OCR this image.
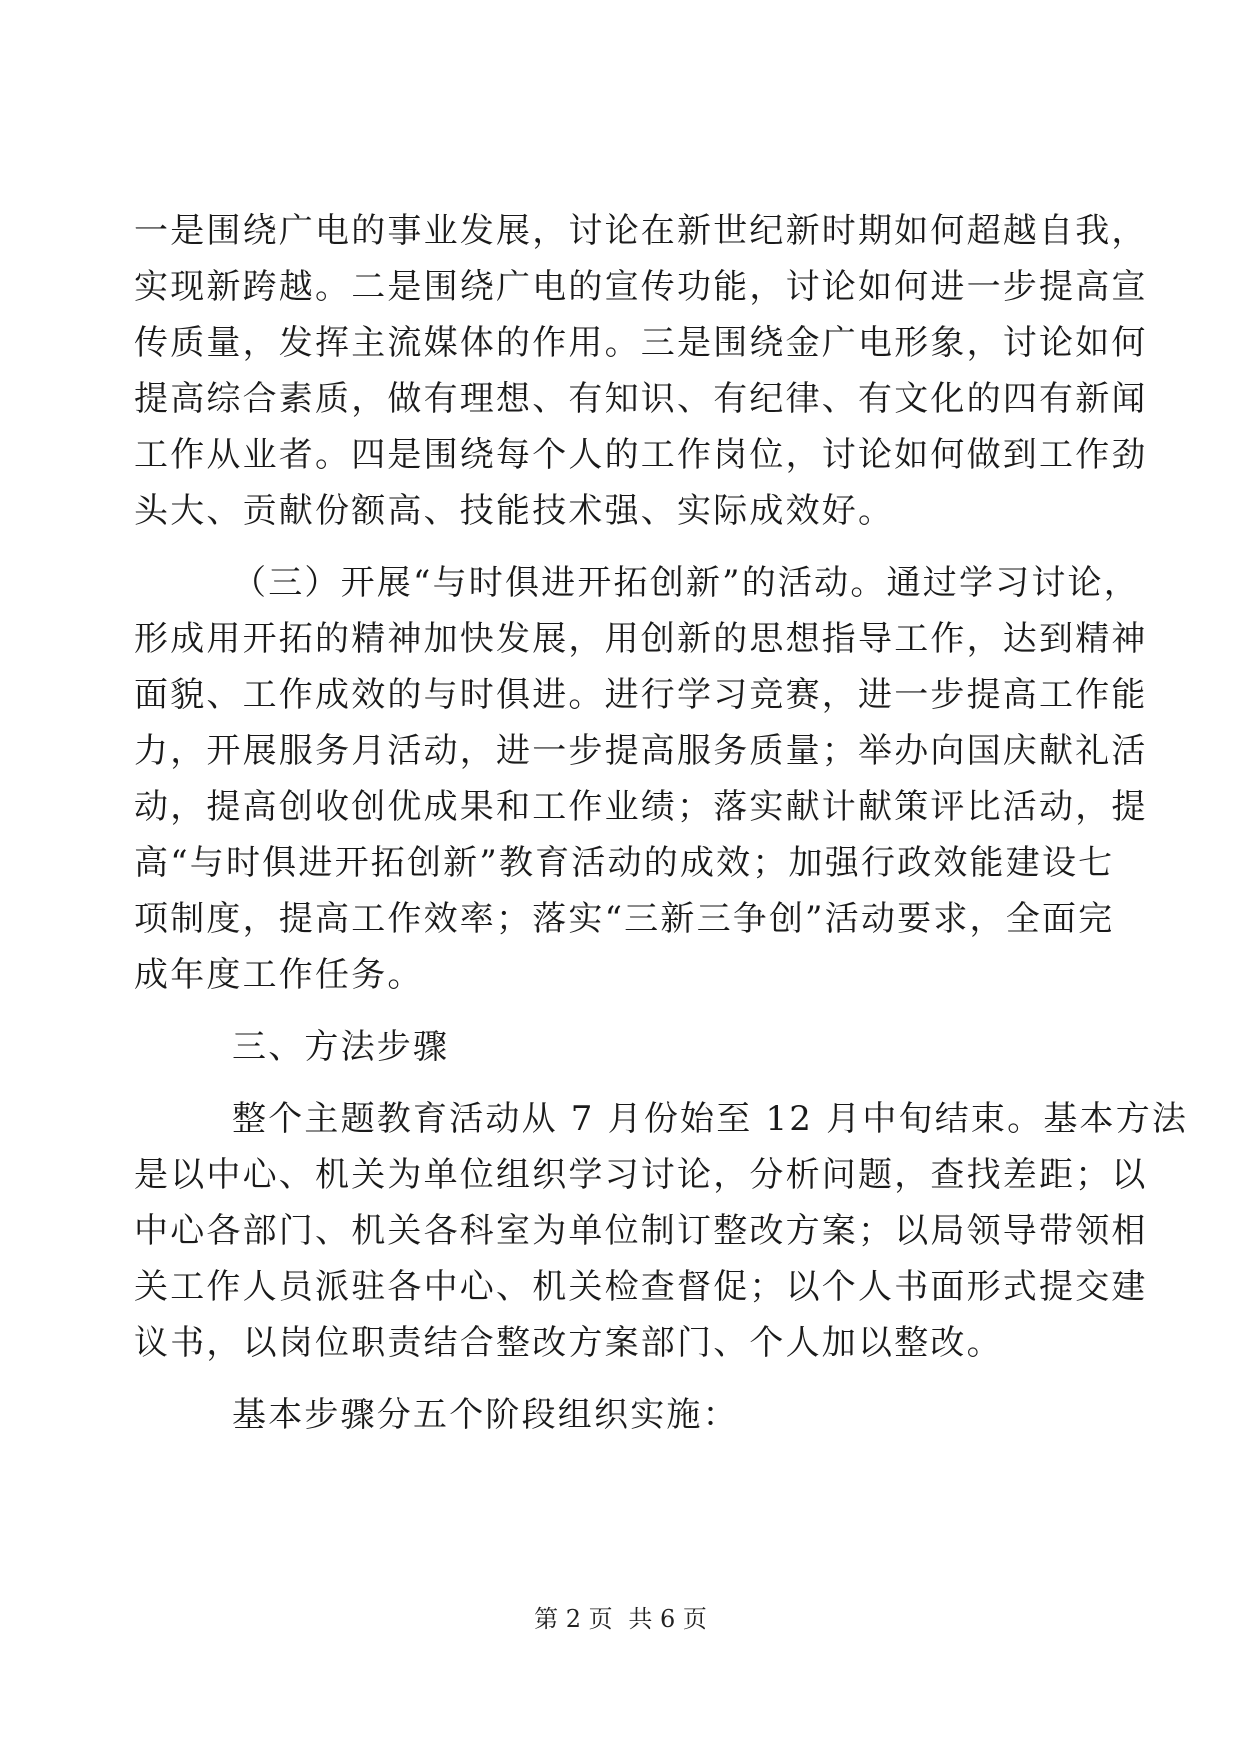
一是围绕广电的事业发展，讨论在新世纪新时期如何超越自我，
实现新跨越。二是围绕广电的宣传功能，讨论如何进一步提高宣
传质量，发挥主流媒体的作用。三是围绕金广电形象，讨论如何
提高综合素质，做有理想、有知识、有纪律、有文化的四有新闻
工作从业者。四是围绕每个人的工作岗位，讨论如何做到工作劲
头大、贡献份额高、技能技术强、实际成效好。
（三）开展“与时俱进开拓创新”的活动。通过学习讨论，
形成用开拓的精神加快发展，用创新的思想指导工作，达到精神
面貌、工作成效的与时俱进。进行学习竞赛，进一步提高工作能
力，开展服务月活动，进一步提高服务质量；举办向国庆献礼活
动，提高创收创优成果和工作业绩；落实献计献策评比活动，提
高“与时俱进开拓创新”教育活动的成效；加强行政效能建设七
项制度，提高工作效率；落实“三新三争创”活动要求，全面完
成年度工作任务。
三、方法步骤
整个主题教育活动从 7 月份始至 12 月中旬结束。基本方法
是以中心、机关为单位组织学习讨论，分析问题，查找差距；以
中心各部门、机关各科室为单位制订整改方案；以局领导带领相
关工作人员派驻各中心、机关检查督促；以个人书面形式提交建
议书，以岗位职责结合整改方案部门、个人加以整改。
基本步骤分五个阶段组织实施：
第 2 页 共 6 页
